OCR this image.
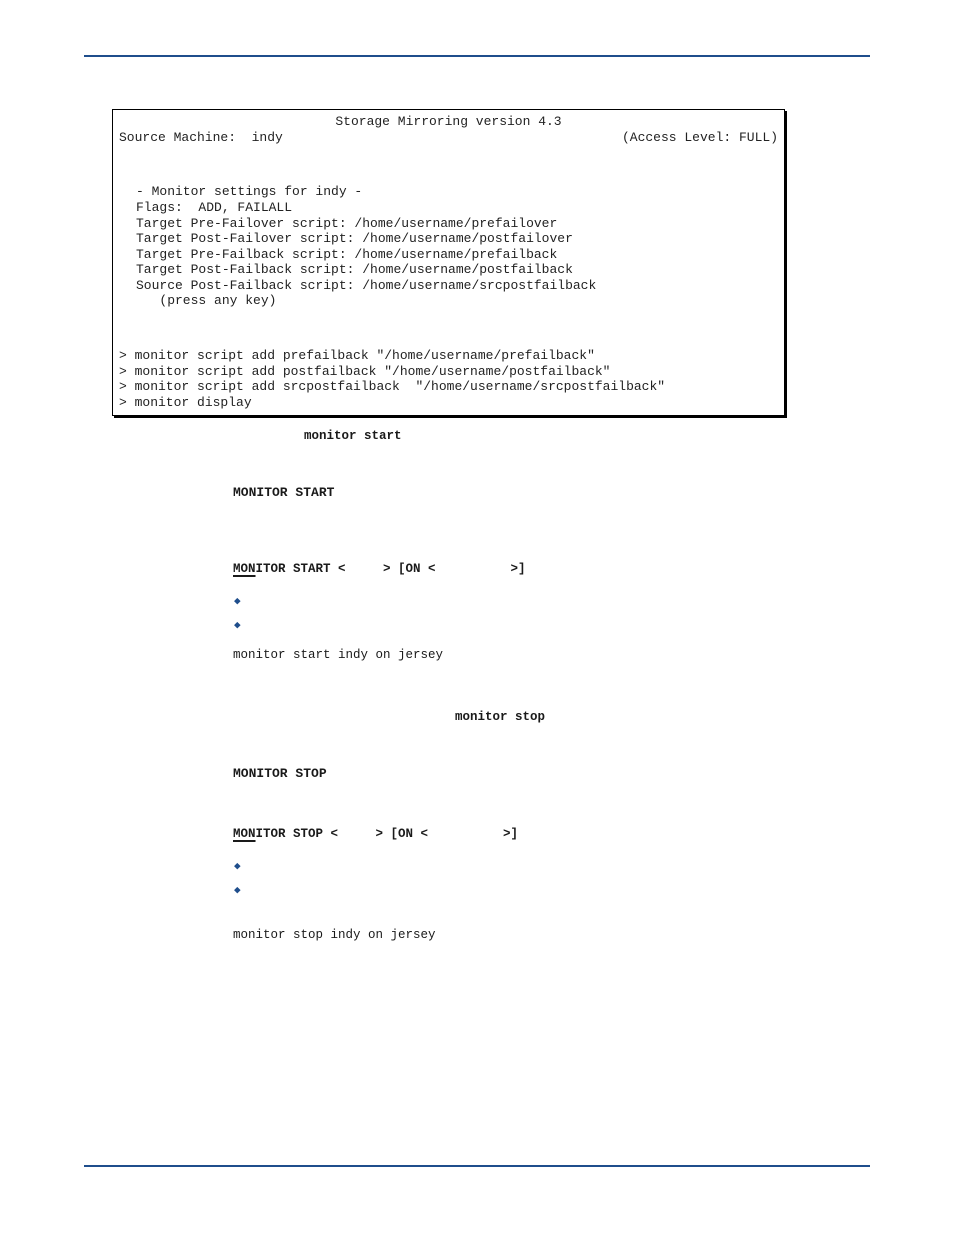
Storage Mirroring version 4.3
Source Machine:  indy	(Access Level: FULL)
- Monitor settings for indy -
Flags:  ADD, FAILALL
Target Pre-Failover script: /home/username/prefailover
Target Post-Failover script: /home/username/postfailover
Target Pre-Failback script: /home/username/prefailback
Target Post-Failback script: /home/username/postfailback
Source Post-Failback script: /home/username/srcpostfailback
(press any key)
> monitor script add prefailback "/home/username/prefailback"
> monitor script add postfailback "/home/username/postfailback"
> monitor script add srcpostfailback  "/home/username/srcpostfailback"
> monitor display
monitor start
MONITOR START
MONITOR START <     > [ON <          >]
◆
◆
monitor start indy on jersey
monitor stop
MONITOR STOP
MONITOR STOP <     > [ON <          >]
◆
◆
monitor stop indy on jersey
